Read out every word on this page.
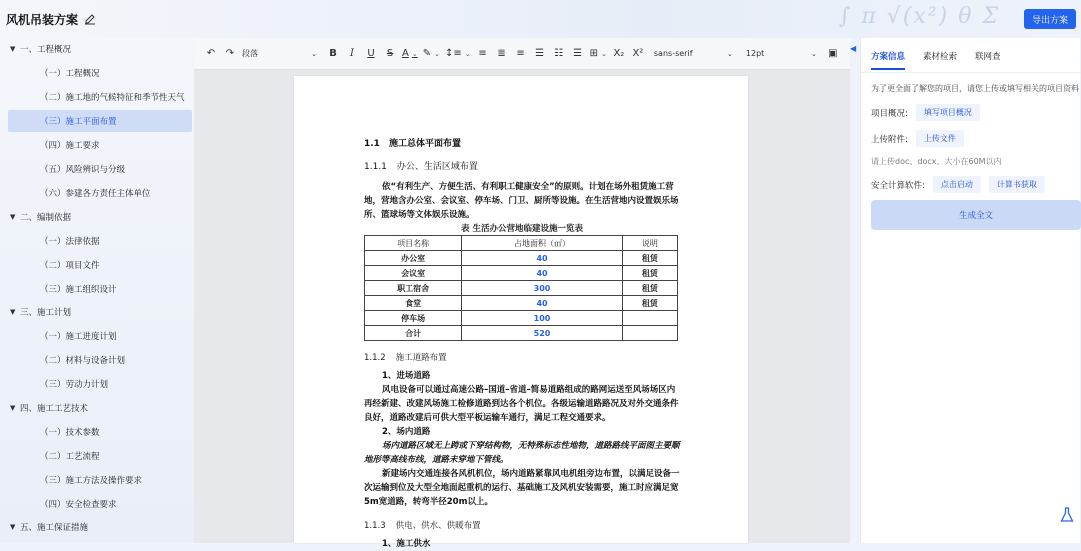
风机吊装方案	∫ π √(x²) θ Σ	导出方案
▼ 一、工程概况
（一）工程概况
（二）施工地的气候特征和季节性天气
（三）施工平面布置
（四）施工要求
（五）风险辨识与分级
（六）参建各方责任主体单位
▼ 二、编制依据
（一）法律依据
（二）项目文件
（三）施工组织设计
▼ 三、施工计划
（一）施工进度计划
（二）材料与设备计划
（三）劳动力计划
▼ 四、施工工艺技术
（一）技术参数
（二）工艺流程
（三）施工方法及操作要求
（四）安全检查要求
▼ 五、施工保证措施
↶ ↷ 段落	⌄	B	I	U	S A ⌄ ✎ ⌄ ↕≡ ⌄ ≡ ≣ ≡ ☰ ☷ ☰ ⊞ ⌄ X₂ X² sans-serif	⌄	12pt	⌄	▣
1.1　施工总体平面布置
1.1.1 办公、生活区域布置
依“有利生产、方便生活、有利职工健康安全”的原则。计划在场外租赁施工营地，营地含办公室、会议室、停车场、门卫、厨所等设施。在生活营地内设置娱乐场所、篮球场等文体娱乐设施。
表 生活办公营地临建设施一览表
项目名称	占地面积（㎡）	说明
办公室	40	租赁
会议室	40	租赁
职工宿舍	300	租赁
食堂	40	租赁
停车场	100	
合计	520	
1.1.2 施工道路布置
1、进场道路
风电设备可以通过高速公路–国道–省道–简易道路组成的路网运送至风场场区内再经新建、改建风场施工检修道路到达各个机位。各级运输道路路况及对外交通条件良好，道路改建后可供大型平板运输车通行，满足工程交通要求。
2、场内道路
场内道路区域无上跨或下穿结构物，无特殊标志性地物，道路路线平面图主要顺地形等高线布线，道路未穿地下管线。
新建场内交通连接各风机机位，场内道路紧靠风电机组旁边布置，以满足设备一次运输到位及大型全地面起重机的运行、基础施工及风机安装需要，施工时应满足宽5m宽道路，转弯半径20m以上。
1.1.3 供电、供水、供暖布置
1、施工供水
◀
方案信息 素材检索 联网查
为了更全面了解您的项目，请您上传或填写相关的项目资料
项目概况:	填写项目概况
上传附件:	上传文件
请上传doc、docx、大小在60M以内
安全计算软件:	点击启动	计算书获取
生成全文
